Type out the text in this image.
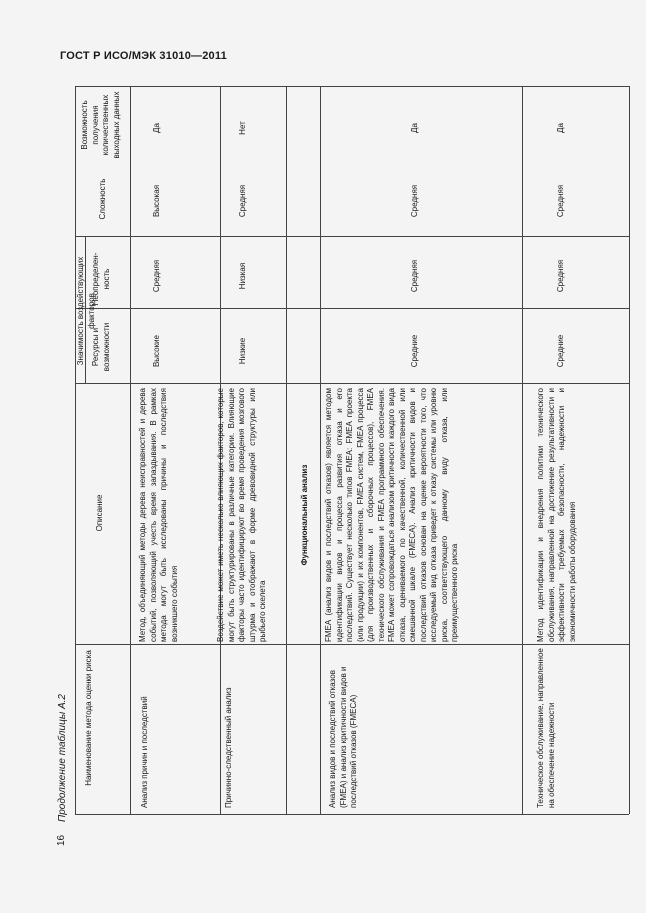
ГОСТ Р ИСО/МЭК 31010—2011
16
Продолжение таблицы А.2 Наименование метода оценки риска
Описание
Значимость воздействующих факторов
Ресурсы и возможности
Неопределен-ность
Сложность
Возможность получения количественных выходных данных
Анализ причин и последствий
Метод, объединяющий методы дерева неисправностей и дерева событий, позволяющий учесть время запаздывания. В рамках метода могут быть исследованы причины и последствия возникшего события
Высокие
Средняя
Высокая
Да
Причинно-следственный анализ
Воздействие может иметь несколько влияющих факторов, которые могут быть структурированы в различные категории. Влияющие факторы часто идентифицируют во время проведения мозгового штурма и отображают в форме древовидной структуры или рыбьего скелета
Низкие
Низкая
Средняя
Нет
Функциональный анализ
Анализ видов и последствий отказов (FMEA) и анализ критичности видов и последствий отказов (FMECA)
FMEA (анализ видов и последствий отказов) является методом идентификации видов и процесса развития отказа и его последствий. Существует несколько типов FMEA: FMEA проекта (или продукции) и их компонентов, FMEA систем, FMEA процесса (для производственных и сборочных процессов), FMEA технического обслуживания и FMEA программного обеспечения. FMEA может сопровождаться анализом критичности каждого вида отказа, оцениваемого по качественной, количественной или смешанной шкале (FMECA). Анализ критичности видов и последствий отказов основан на оценке вероятности того, что исследуемый вид отказа приведет к отказу системы или уровню риска, соответствующего данному виду отказа, или преимущественного риска
Средние
Средняя
Средняя
Да
Техническое обслуживание, направленное на обеспечение надежности
Метод идентификации и внедрения политики технического обслуживания, направленной на достижение результативности и эффективности требуемых безопасности, надежности и экономичности работы оборудования
Средние
Средняя
Средняя
Да
